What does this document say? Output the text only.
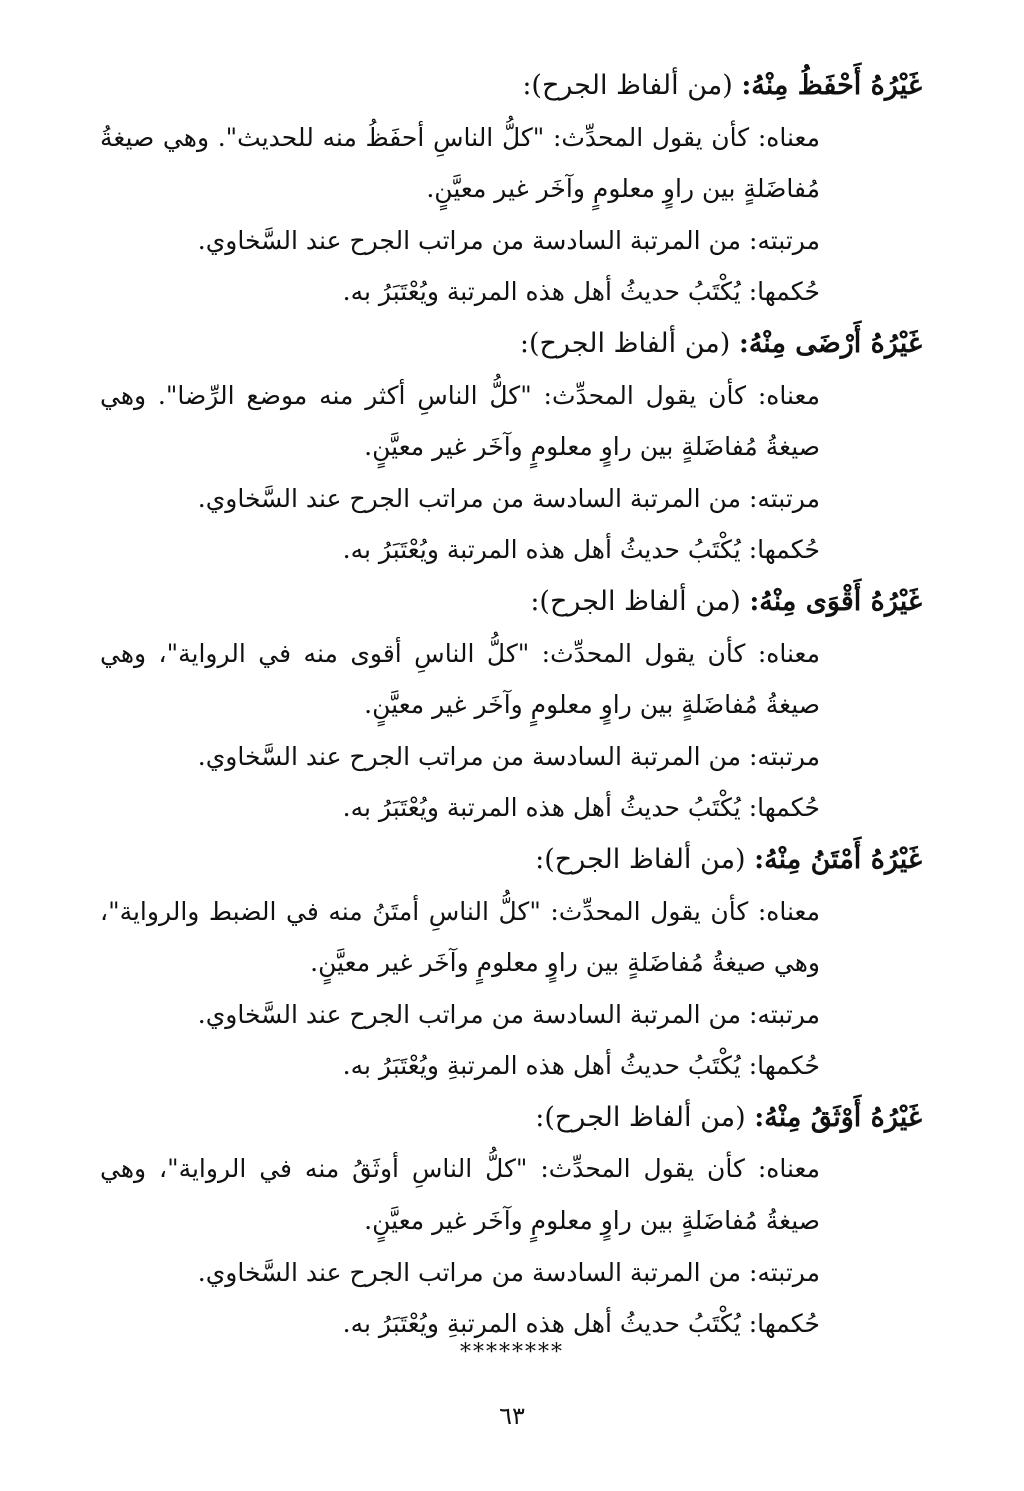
غَيْرُهُ أَحْفَظُ مِنْهُ: (من ألفاظ الجرح):
معناه: كأن يقول المحدِّث: "كلُّ الناسِ أحفَظُ منه للحديث". وهي صيغةُ مُفاضَلةٍ بين راوٍ معلومٍ وآخَر غير معيَّنٍ.
مرتبته: من المرتبة السادسة من مراتب الجرح عند السَّخاوي.
حُكمها: يُكْتَبُ حديثُ أهل هذه المرتبة ويُعْتَبَرُ به.
غَيْرُهُ أَرْضَى مِنْهُ: (من ألفاظ الجرح):
معناه: كأن يقول المحدِّث: "كلُّ الناسِ أكثر منه موضع الرِّضا". وهي صيغةُ مُفاضَلةٍ بين راوٍ معلومٍ وآخَر غير معيَّنٍ.
مرتبته: من المرتبة السادسة من مراتب الجرح عند السَّخاوي.
حُكمها: يُكْتَبُ حديثُ أهل هذه المرتبة ويُعْتَبَرُ به.
غَيْرُهُ أَقْوَى مِنْهُ: (من ألفاظ الجرح):
معناه: كأن يقول المحدِّث: "كلُّ الناسِ أقوى منه في الرواية"، وهي صيغةُ مُفاضَلةٍ بين راوٍ معلومٍ وآخَر غير معيَّنٍ.
مرتبته: من المرتبة السادسة من مراتب الجرح عند السَّخاوي.
حُكمها: يُكْتَبُ حديثُ أهل هذه المرتبة ويُعْتَبَرُ به.
غَيْرُهُ أَمْتَنُ مِنْهُ: (من ألفاظ الجرح):
معناه: كأن يقول المحدِّث: "كلُّ الناسِ أمتَنُ منه في الضبط والرواية"، وهي صيغةُ مُفاضَلةٍ بين راوٍ معلومٍ وآخَر غير معيَّنٍ.
مرتبته: من المرتبة السادسة من مراتب الجرح عند السَّخاوي.
حُكمها: يُكْتَبُ حديثُ أهل هذه المرتبةِ ويُعْتَبَرُ به.
غَيْرُهُ أَوْثَقُ مِنْهُ: (من ألفاظ الجرح):
معناه: كأن يقول المحدِّث: "كلُّ الناسِ أوثَقُ منه في الرواية"، وهي صيغةُ مُفاضَلةٍ بين راوٍ معلومٍ وآخَر غير معيَّنٍ.
مرتبته: من المرتبة السادسة من مراتب الجرح عند السَّخاوي.
حُكمها: يُكْتَبُ حديثُ أهل هذه المرتبةِ ويُعْتَبَرُ به.
********
٦٣
